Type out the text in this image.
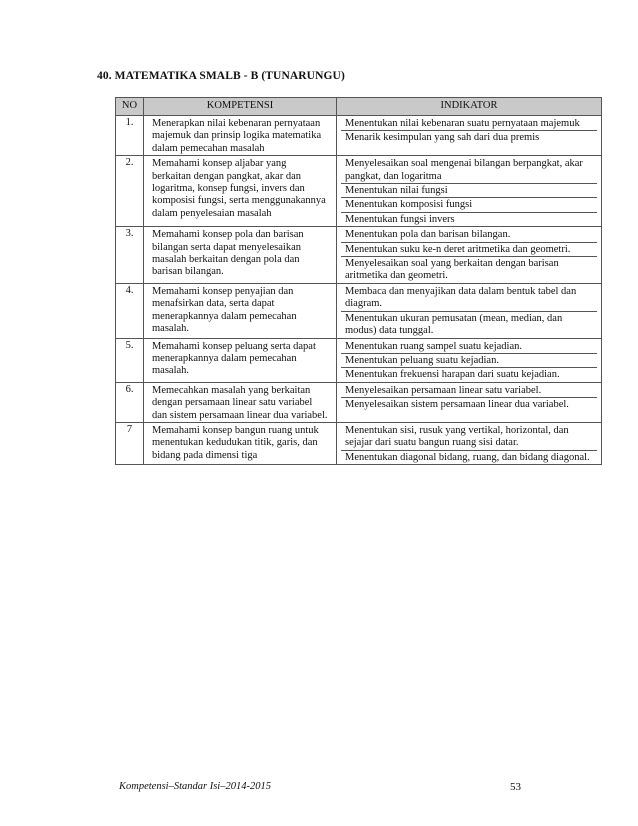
40. MATEMATIKA SMALB - B (TUNARUNGU)
NO	KOMPETENSI	INDIKATOR
1.	Menerapkan nilai kebenaran pernyataan majemuk dan prinsip logika matematika dalam pemecahan masalah	Menentukan nilai kebenaran suatu pernyataan majemuk
Menarik kesimpulan yang sah dari dua premis

2.	Memahami konsep aljabar yang berkaitan dengan pangkat, akar dan logaritma, konsep fungsi, invers dan komposisi fungsi, serta menggunakannya dalam penyelesaian masalah	Menyelesaikan soal mengenai bilangan berpangkat, akar pangkat, dan logaritma
Menentukan nilai fungsi
Menentukan komposisi fungsi
Menentukan fungsi invers

3.	Memahami konsep pola dan barisan bilangan serta dapat menyelesaikan masalah berkaitan dengan pola dan barisan bilangan.	Menentukan pola dan barisan bilangan.
Menentukan suku ke-n deret aritmetika dan geometri.
Menyelesaikan soal yang berkaitan dengan barisan aritmetika dan geometri.

4.	Memahami konsep penyajian dan menafsirkan data, serta dapat menerapkannya dalam pemecahan masalah.	Membaca dan menyajikan data dalam bentuk tabel dan diagram.
Menentukan ukuran pemusatan (mean, median, dan modus) data tunggal.

5.	Memahami konsep peluang serta dapat menerapkannya dalam pemecahan masalah.	Menentukan ruang sampel suatu kejadian.
Menentukan peluang suatu kejadian.
Menentukan frekuensi harapan dari suatu kejadian.

6.	Memecahkan masalah yang berkaitan dengan persamaan linear satu variabel dan sistem persamaan linear dua variabel.	Menyelesaikan persamaan linear satu variabel.
Menyelesaikan sistem persamaan linear dua variabel.

7	Memahami konsep bangun ruang untuk menentukan kedudukan titik, garis, dan bidang pada dimensi tiga	Menentukan sisi, rusuk yang vertikal, horizontal, dan sejajar dari suatu bangun ruang sisi datar.
Menentukan diagonal bidang, ruang, dan bidang diagonal.
Kompetensi–Standar Isi–2014-2015	53
